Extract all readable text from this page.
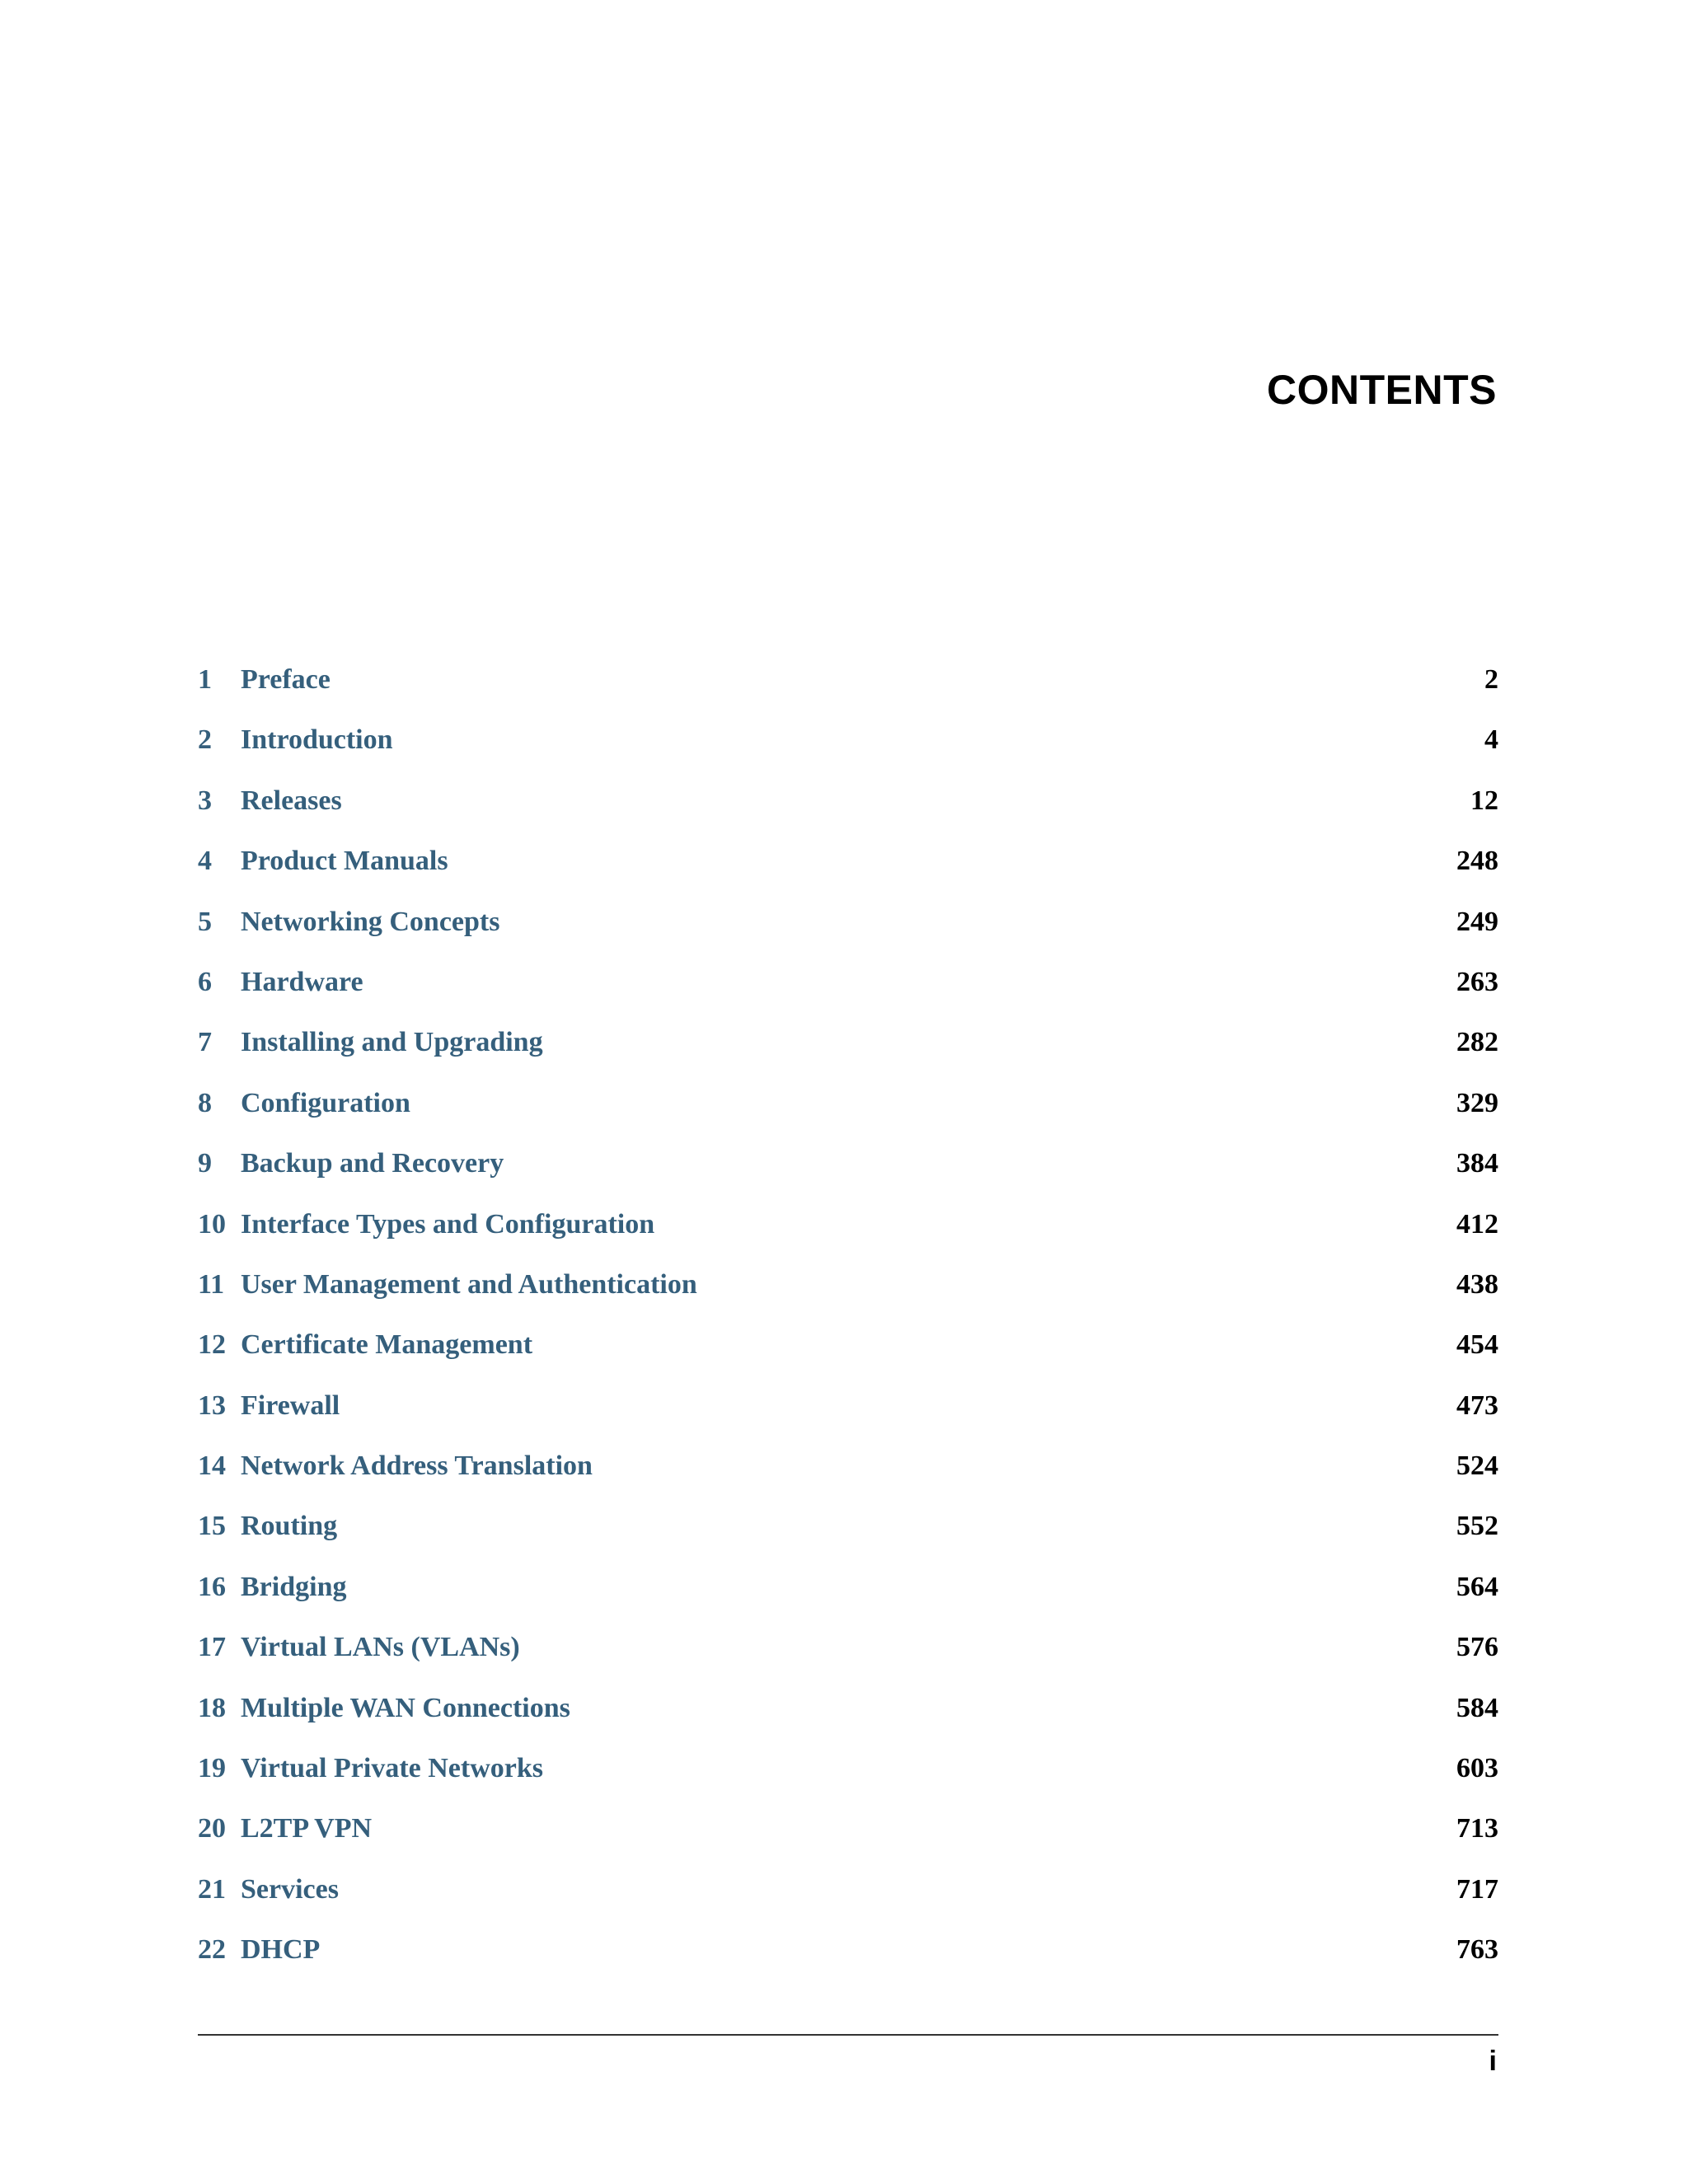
CONTENTS
1	Preface	2
2	Introduction	4
3	Releases	12
4	Product Manuals	248
5	Networking Concepts	249
6	Hardware	263
7	Installing and Upgrading	282
8	Configuration	329
9	Backup and Recovery	384
10 Interface Types and Configuration	412
11 User Management and Authentication	438
12 Certificate Management	454
13 Firewall	473
14 Network Address Translation	524
15 Routing	552
16 Bridging	564
17 Virtual LANs (VLANs)	576
18 Multiple WAN Connections	584
19 Virtual Private Networks	603
20 L2TP VPN	713
21 Services	717
22 DHCP	763
i
